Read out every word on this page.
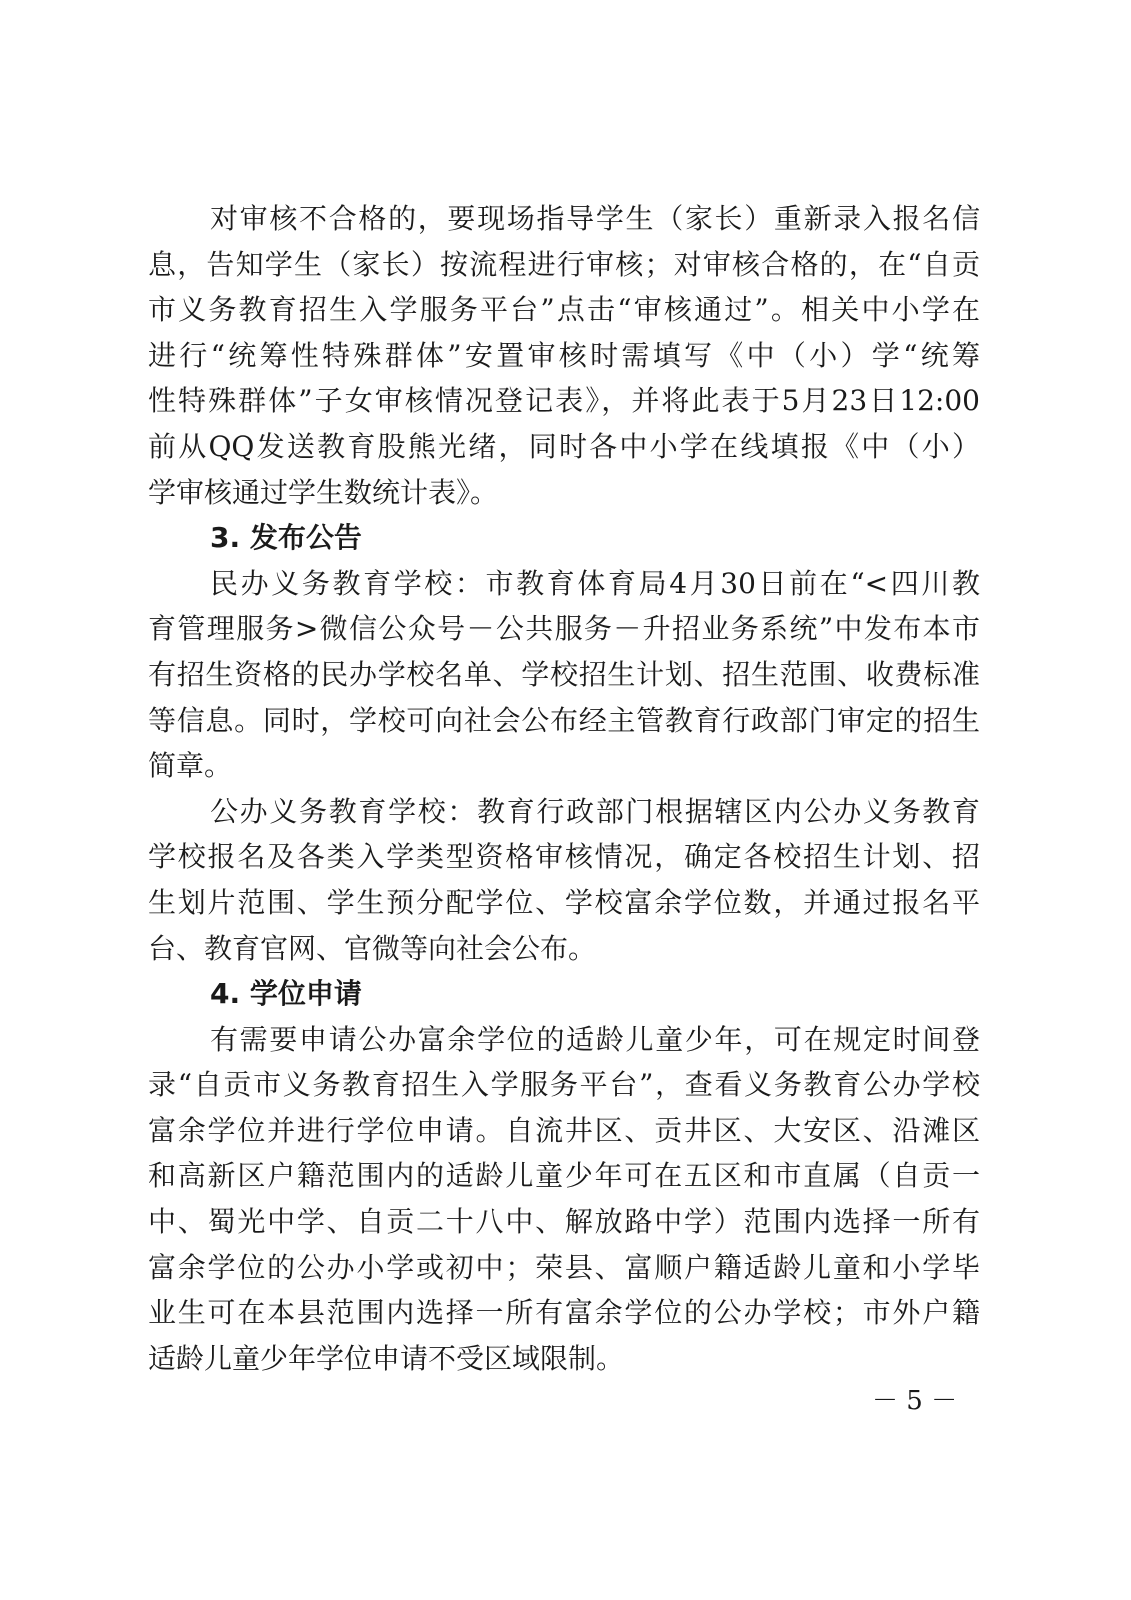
对审核不合格的，要现场指导学生（家长）重新录入报名信
息，告知学生（家长）按流程进行审核；对审核合格的，在“自贡
市义务教育招生入学服务平台”点击“审核通过”。相关中小学在
进行“统筹性特殊群体”安置审核时需填写《中（小）学“统筹
性特殊群体”子女审核情况登记表》，并将此表于5月23日12:00
前从QQ发送教育股熊光绪，同时各中小学在线填报《中（小）
学审核通过学生数统计表》。
3. 发布公告
民办义务教育学校：市教育体育局4月30日前在“<四川教
育管理服务>微信公众号－公共服务－升招业务系统”中发布本市
有招生资格的民办学校名单、学校招生计划、招生范围、收费标准
等信息。同时，学校可向社会公布经主管教育行政部门审定的招生
简章。
公办义务教育学校：教育行政部门根据辖区内公办义务教育
学校报名及各类入学类型资格审核情况，确定各校招生计划、招
生划片范围、学生预分配学位、学校富余学位数，并通过报名平
台、教育官网、官微等向社会公布。
4. 学位申请
有需要申请公办富余学位的适龄儿童少年，可在规定时间登
录“自贡市义务教育招生入学服务平台”，查看义务教育公办学校
富余学位并进行学位申请。自流井区、贡井区、大安区、沿滩区
和高新区户籍范围内的适龄儿童少年可在五区和市直属（自贡一
中、蜀光中学、自贡二十八中、解放路中学）范围内选择一所有
富余学位的公办小学或初中；荣县、富顺户籍适龄儿童和小学毕
业生可在本县范围内选择一所有富余学位的公办学校；市外户籍
适龄儿童少年学位申请不受区域限制。
－ 5 －
